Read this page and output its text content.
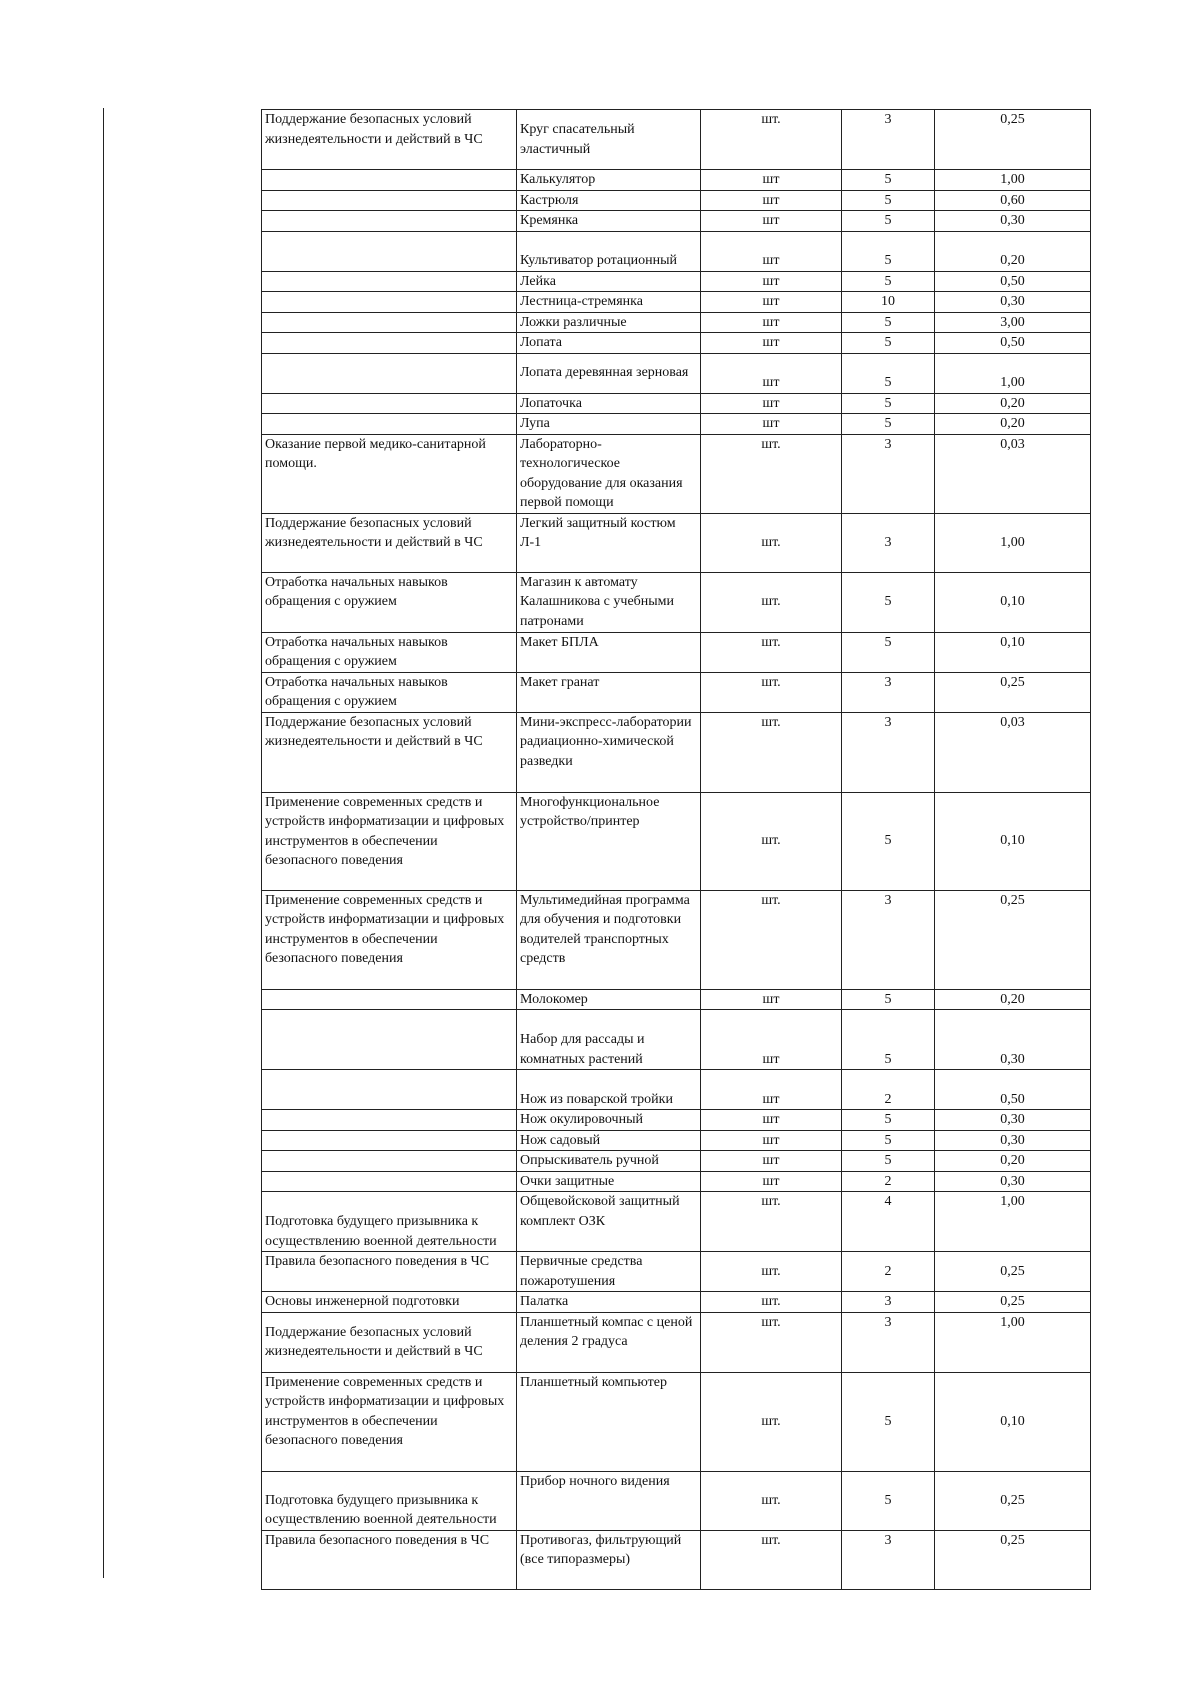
Поддержание безопасных условий жизнедеятельности и действий в ЧС	Круг спасательный эластичный	шт.	3	0,25
	Калькулятор	шт	5	1,00
	Кастрюля	шт	5	0,60
	Кремянка	шт	5	0,30
	Культиватор ротационный	шт	5	0,20
	Лейка	шт	5	0,50
	Лестница-стремянка	шт	10	0,30
	Ложки различные	шт	5	3,00
	Лопата	шт	5	0,50
	Лопата деревянная зерновая	шт	5	1,00
	Лопаточка	шт	5	0,20
	Лупа	шт	5	0,20
Оказание первой медико-санитарной помощи.	Лабораторно-технологическое оборудование для оказания первой помощи	шт.	3	0,03
Поддержание безопасных условий жизнедеятельности и действий в ЧС	Легкий защитный костюм Л-1	шт.	3	1,00
Отработка начальных навыков обращения с оружием	Магазин к автомату Калашникова с учебными патронами	шт.	5	0,10
Отработка начальных навыков обращения с оружием	Макет БПЛА	шт.	5	0,10
Отработка начальных навыков обращения с оружием	Макет гранат	шт.	3	0,25
Поддержание безопасных условий жизнедеятельности и действий в ЧС	Мини-экспресс-лаборатории радиационно-химической разведки	шт.	3	0,03
Применение современных средств и устройств информатизации и цифровых инструментов в обеспечении безопасного поведения	Многофункциональное устройство/принтер	шт.	5	0,10
Применение современных средств и устройств информатизации и цифровых инструментов в обеспечении безопасного поведения	Мультимедийная программа для обучения и подготовки водителей транспортных средств	шт.	3	0,25
	Молокомер	шт	5	0,20
	Набор для рассады и комнатных растений	шт	5	0,30
	Нож из поварской тройки	шт	2	0,50
	Нож окулировочный	шт	5	0,30
	Нож садовый	шт	5	0,30
	Опрыскиватель ручной	шт	5	0,20
	Очки защитные	шт	2	0,30
Подготовка будущего призывника к осуществлению военной деятельности	Общевойсковой защитный комплект ОЗК	шт.	4	1,00
Правила безопасного поведения в ЧС	Первичные средства пожаротушения	шт.	2	0,25
Основы инженерной подготовки	Палатка	шт.	3	0,25
Поддержание безопасных условий жизнедеятельности и действий в ЧС	Планшетный компас с ценой деления 2 градуса	шт.	3	1,00
Применение современных средств и устройств информатизации и цифровых инструментов в обеспечении безопасного поведения	Планшетный компьютер	шт.	5	0,10
Подготовка будущего призывника к осуществлению военной деятельности	Прибор ночного видения	шт.	5	0,25
Правила безопасного поведения в ЧС	Противогаз, фильтрующий (все типоразмеры)	шт.	3	0,25
